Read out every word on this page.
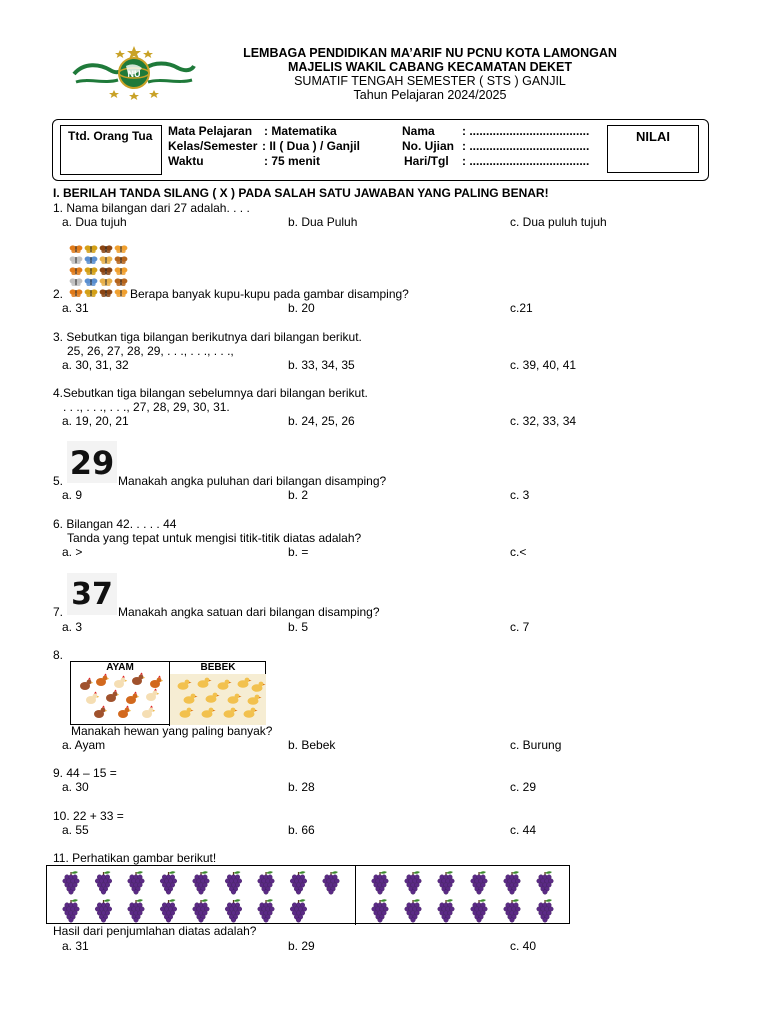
NU
LEMBAGA PENDIDIKAN MA’ARIF NU PCNU KOTA LAMONGAN
MAJELIS WAKIL CABANG KECAMATAN DEKET
SUMATIF TENGAH SEMESTER ( STS ) GANJIL
Tahun Pelajaran 2024/2025
Ttd. Orang Tua Mata Pelajaran : Matematika
Kelas/Semester : II ( Dua ) / Ganjil
Waktu	: 75 menit
Nama : ....................................
No. Ujian : ....................................
Hari/Tgl : ....................................
NILAI
I. BERILAH TANDA SILANG ( X ) PADA SALAH SATU JAWABAN YANG PALING BENAR!
1. Nama bilangan dari 27 adalah. . . .
a. Dua tujuh	b. Dua Puluh	c. Dua puluh tujuh
2.	Berapa banyak kupu-kupu pada gambar disamping?
a. 31	b. 20	c.21
3. Sebutkan tiga bilangan berikutnya dari bilangan berikut.
25, 26, 27, 28, 29, . . ., . . ., . . .,
a. 30, 31, 32	b. 33, 34, 35	c. 39, 40, 41
4.Sebutkan tiga bilangan sebelumnya dari bilangan berikut.
. . ., . . ., . . ., 27, 28, 29, 30, 31.
a. 19, 20, 21	b. 24, 25, 26	c. 32, 33, 34
29
5.	Manakah angka puluhan dari bilangan disamping?
a. 9	b. 2	c. 3
6. Bilangan 42. . . . . 44
Tanda yang tepat untuk mengisi titik-titik diatas adalah?
a. >	b. =	c.<
37
7.	Manakah angka satuan dari bilangan disamping?
a. 3	b. 5	c. 7
8.
AYAM	BEBEK
Manakah hewan yang paling banyak?
a. Ayam	b. Bebek	c. Burung
9. 44 – 15 =
a. 30	b. 28	c. 29
10. 22 + 33 =
a. 55	b. 66	c. 44
11. Perhatikan gambar berikut!
Hasil dari penjumlahan diatas adalah?
a. 31	b. 29	c. 40
